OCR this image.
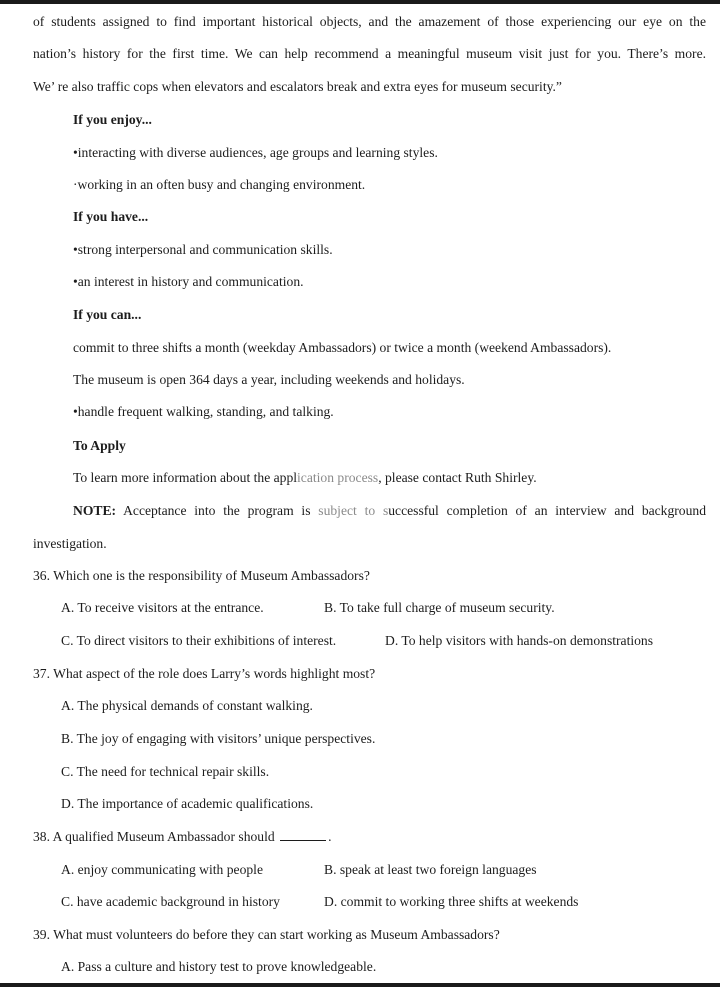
of students assigned to find important historical objects, and the amazement of those experiencing our eye on the
nation’s history for the first time. We can help recommend a meaningful museum visit just for you. There’s more.
We’ re also traffic cops when elevators and escalators break and extra eyes for museum security.”
If you enjoy...
•interacting with diverse audiences, age groups and learning styles.
·working in an often busy and changing environment.
If you have...
•strong interpersonal and communication skills.
•an interest in history and communication.
If you can...
commit to three shifts a month (weekday Ambassadors) or twice a month (weekend Ambassadors).
The museum is open 364 days a year, including weekends and holidays.
•handle frequent walking, standing, and talking.
To Apply
To learn more information about the application process, please contact Ruth Shirley.
NOTE: Acceptance into the program is subject to successful completion of an interview and background
investigation.
36. Which one is the responsibility of Museum Ambassadors?
A. To receive visitors at the entrance.	B. To take full charge of museum security.
C. To direct visitors to their exhibitions of interest.	D. To help visitors with hands-on demonstrations
37. What aspect of the role does Larry’s words highlight most?
A. The physical demands of constant walking.
B. The joy of engaging with visitors’ unique perspectives.
C. The need for technical repair skills.
D. The importance of academic qualifications.
38. A qualified Museum Ambassador should	.
A. enjoy communicating with people	B. speak at least two foreign languages
C. have academic background in history	D. commit to working three shifts at weekends
39. What must volunteers do before they can start working as Museum Ambassadors?
A. Pass a culture and history test to prove knowledgeable.
